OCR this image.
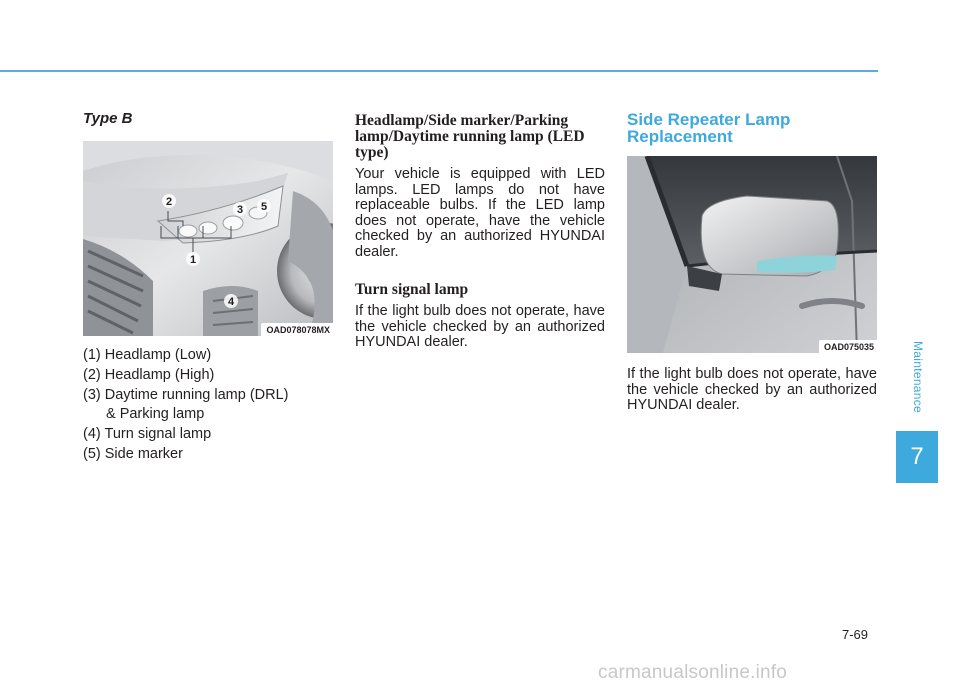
Type B
2
3 5
1
4
OAD078078MX
(1) Headlamp (Low)
(2) Headlamp (High)
(3) Daytime running lamp (DRL)
& Parking lamp
(4) Turn signal lamp
(5) Side marker
Headlamp/Side marker/Parking lamp/Daytime running lamp (LED type)

Your vehicle is equipped with LED lamps. LED lamps do not have replaceable bulbs. If the LED lamp does not operate, have the vehicle checked by an authorized HYUNDAI dealer.

Turn signal lamp

If the light bulb does not operate, have the vehicle checked by an authorized HYUNDAI dealer.

Side Repeater Lamp Replacement
OAD075035

If the light bulb does not operate, have the vehicle checked by an authorized HYUNDAI dealer.	Maintenance
7
7-69
carmanualsonline.info
